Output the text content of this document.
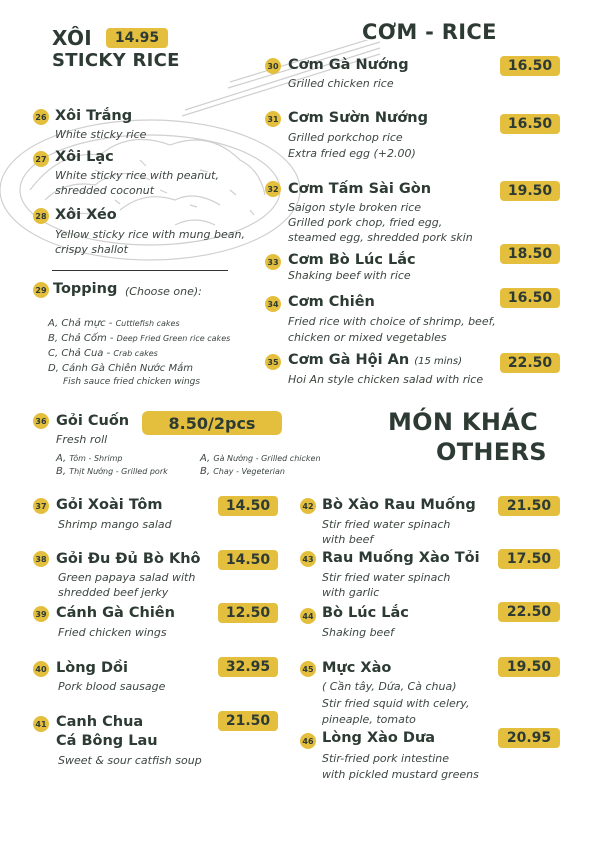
XÔI	14.95
STICKY RICE
26 Xôi Trắng
White sticky rice
27 Xôi Lạc
White sticky rice with peanut,
shredded coconut
28 Xôi Xéo
Yellow sticky rice with mung bean,
crispy shallot
29 Topping (Choose one):
A, Chả mực - Cuttlefish cakes
B, Chả Cốm - Deep Fried Green rice cakes
C, Chả Cua - Crab cakes
D, Cánh Gà Chiên Nước Mắm
Fish sauce fried chicken wings
CƠM - RICE
30 Cơm Gà Nướng
Grilled chicken rice
16.50
31 Cơm Sườn Nướng
Grilled porkchop rice
Extra fried egg (+2.00)
16.50
32 Cơm Tấm Sài Gòn
Saigon style broken rice
Grilled pork chop, fried egg,
steamed egg, shredded pork skin
19.50
33 Cơm Bò Lúc Lắc
Shaking beef with rice
18.50
34 Cơm Chiên
Fried rice with choice of shrimp, beef,
chicken or mixed vegetables
16.50
35 Cơm Gà Hội An (15 mins)
Hoi An style chicken salad with rice
22.50
36 Gỏi Cuốn
Fresh roll
8.50/2pcs
A, Tôm - Shrimp	A, Gà Nướng - Grilled chicken
B, Thịt Nướng - Grilled pork	B, Chay - Vegeterian
MÓN KHÁC
OTHERS
37 Gỏi Xoài Tôm
Shrimp mango salad
14.50
38 Gỏi Đu Đủ Bò Khô
Green papaya salad with
shredded beef jerky
14.50
39 Cánh Gà Chiên
Fried chicken wings
12.50
40 Lòng Dồi
Pork blood sausage
32.95
41 Canh Chua
Cá Bông Lau
Sweet & sour catfish soup
21.50
42 Bò Xào Rau Muống
Stir fried water spinach
with beef
21.50
43 Rau Muống Xào Tỏi
Stir fried water spinach
with garlic
17.50
44 Bò Lúc Lắc
Shaking beef
22.50
45 Mực Xào
( Cần tây, Dứa, Cà chua)
Stir fried squid with celery,
pineaple, tomato
19.50
46 Lòng Xào Dưa
Stir-fried pork intestine
with pickled mustard greens
20.95
